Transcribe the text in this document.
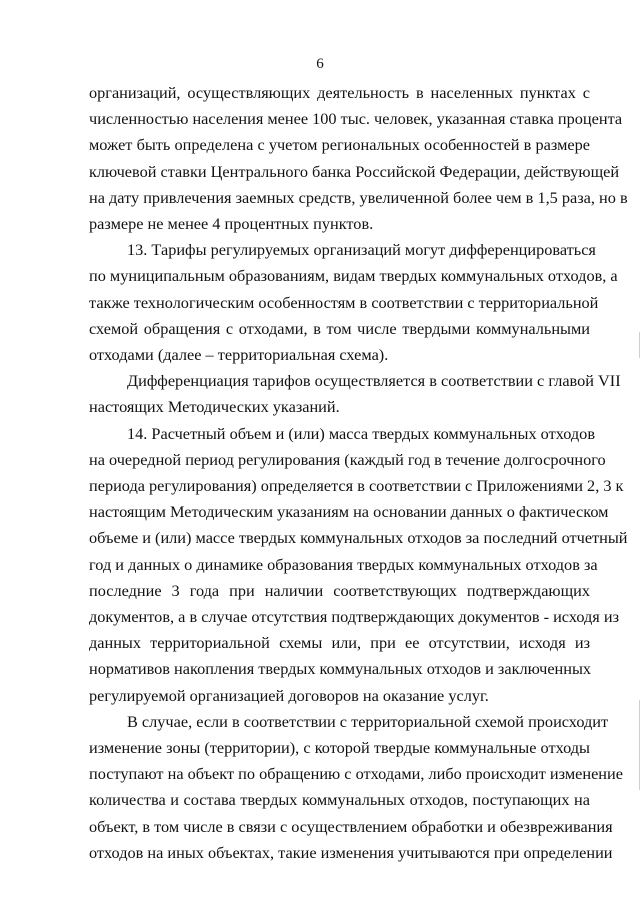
6
организаций, осуществляющих деятельность в населенных пунктах с
численностью населения менее 100 тыс. человек, указанная ставка процента
может быть определена с учетом региональных особенностей в размере
ключевой ставки Центрального банка Российской Федерации, действующей
на дату привлечения заемных средств, увеличенной более чем в 1,5 раза, но в
размере не менее 4 процентных пунктов.
13. Тарифы регулируемых организаций могут дифференцироваться
по муниципальным образованиям, видам твердых коммунальных отходов, а
также технологическим особенностям в соответствии с территориальной
схемой обращения с отходами, в том числе твердыми коммунальными
отходами (далее – территориальная схема).
Дифференциация тарифов осуществляется в соответствии с главой VII
настоящих Методических указаний.
14. Расчетный объем и (или) масса твердых коммунальных отходов
на очередной период регулирования (каждый год в течение долгосрочного
периода регулирования) определяется в соответствии с Приложениями 2, 3 к
настоящим Методическим указаниям на основании данных о фактическом
объеме и (или) массе твердых коммунальных отходов за последний отчетный
год и данных о динамике образования твердых коммунальных отходов за
последние 3 года при наличии соответствующих подтверждающих
документов, а в случае отсутствия подтверждающих документов - исходя из
данных территориальной схемы или, при ее отсутствии, исходя из
нормативов накопления твердых коммунальных отходов и заключенных
регулируемой организацией договоров на оказание услуг.
В случае, если в соответствии с территориальной схемой происходит
изменение зоны (территории), с которой твердые коммунальные отходы
поступают на объект по обращению с отходами, либо происходит изменение
количества и состава твердых коммунальных отходов, поступающих на
объект, в том числе в связи с осуществлением обработки и обезвреживания
отходов на иных объектах, такие изменения учитываются при определении
